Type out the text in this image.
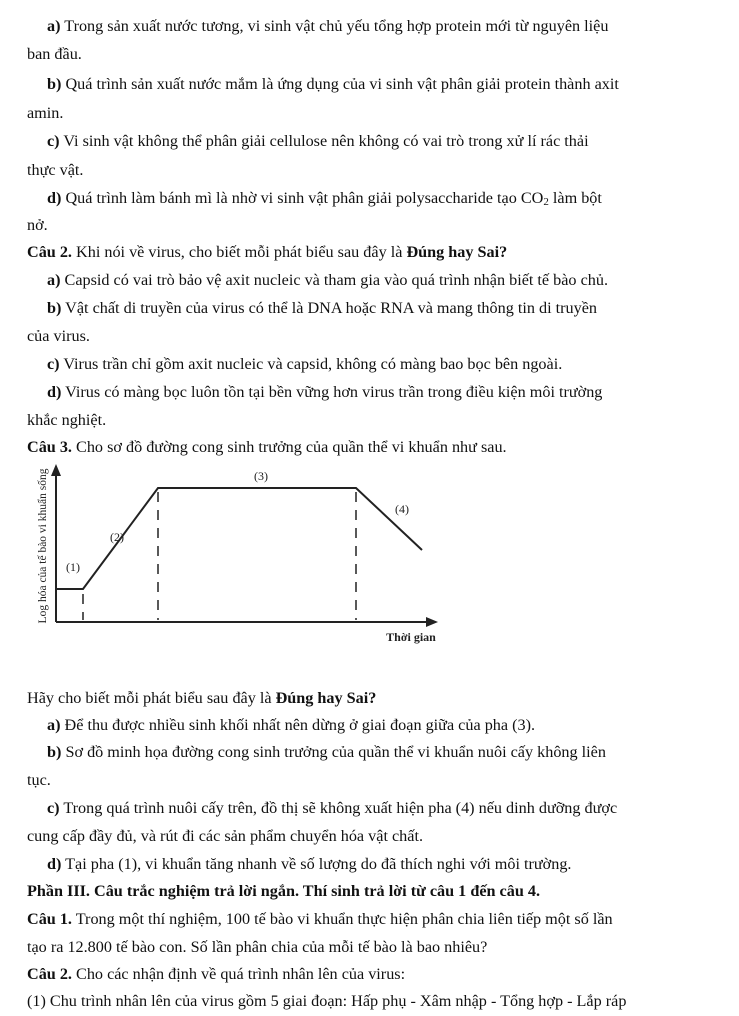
a) Trong sản xuất nước tương, vi sinh vật chủ yếu tổng hợp protein mới từ nguyên liệu
ban đầu.
b) Quá trình sản xuất nước mắm là ứng dụng của vi sinh vật phân giải protein thành axit
amin.
c) Vi sinh vật không thể phân giải cellulose nên không có vai trò trong xử lí rác thải
thực vật.
d) Quá trình làm bánh mì là nhờ vi sinh vật phân giải polysaccharide tạo $CO_2$ làm bột
nở.
Câu 2. Khi nói về virus, cho biết mỗi phát biểu sau đây là Đúng hay Sai?
a) Capsid có vai trò bảo vệ axit nucleic và tham gia vào quá trình nhận biết tế bào chủ.
b) Vật chất di truyền của virus có thể là DNA hoặc RNA và mang thông tin di truyền
của virus.
c) Virus trần chỉ gồm axit nucleic và capsid, không có màng bao bọc bên ngoài.
d) Virus có màng bọc luôn tồn tại bền vững hơn virus trần trong điều kiện môi trường
khắc nghiệt.
Câu 3. Cho sơ đồ đường cong sinh trưởng của quần thể vi khuẩn như sau.
(1)
(2)
(3)
(4)
Log hóa của tế bào vi khuẩn sống
Thời gian
Hãy cho biết mỗi phát biểu sau đây là Đúng hay Sai?
a) Để thu được nhiều sinh khối nhất nên dừng ở giai đoạn giữa của pha (3).
b) Sơ đồ minh họa đường cong sinh trưởng của quần thể vi khuẩn nuôi cấy không liên
tục.
c) Trong quá trình nuôi cấy trên, đồ thị sẽ không xuất hiện pha (4) nếu dinh dưỡng được
cung cấp đầy đủ, và rút đi các sản phẩm chuyển hóa vật chất.
d) Tại pha (1), vi khuẩn tăng nhanh về số lượng do đã thích nghi với môi trường.
Phần III. Câu trắc nghiệm trả lời ngắn. Thí sinh trả lời từ câu 1 đến câu 4.
Câu 1. Trong một thí nghiệm, 100 tế bào vi khuẩn thực hiện phân chia liên tiếp một số lần
tạo ra 12.800 tế bào con. Số lần phân chia của mỗi tế bào là bao nhiêu?
Câu 2. Cho các nhận định về quá trình nhân lên của virus:
(1) Chu trình nhân lên của virus gồm 5 giai đoạn: Hấp phụ - Xâm nhập - Tổng hợp - Lắp ráp
